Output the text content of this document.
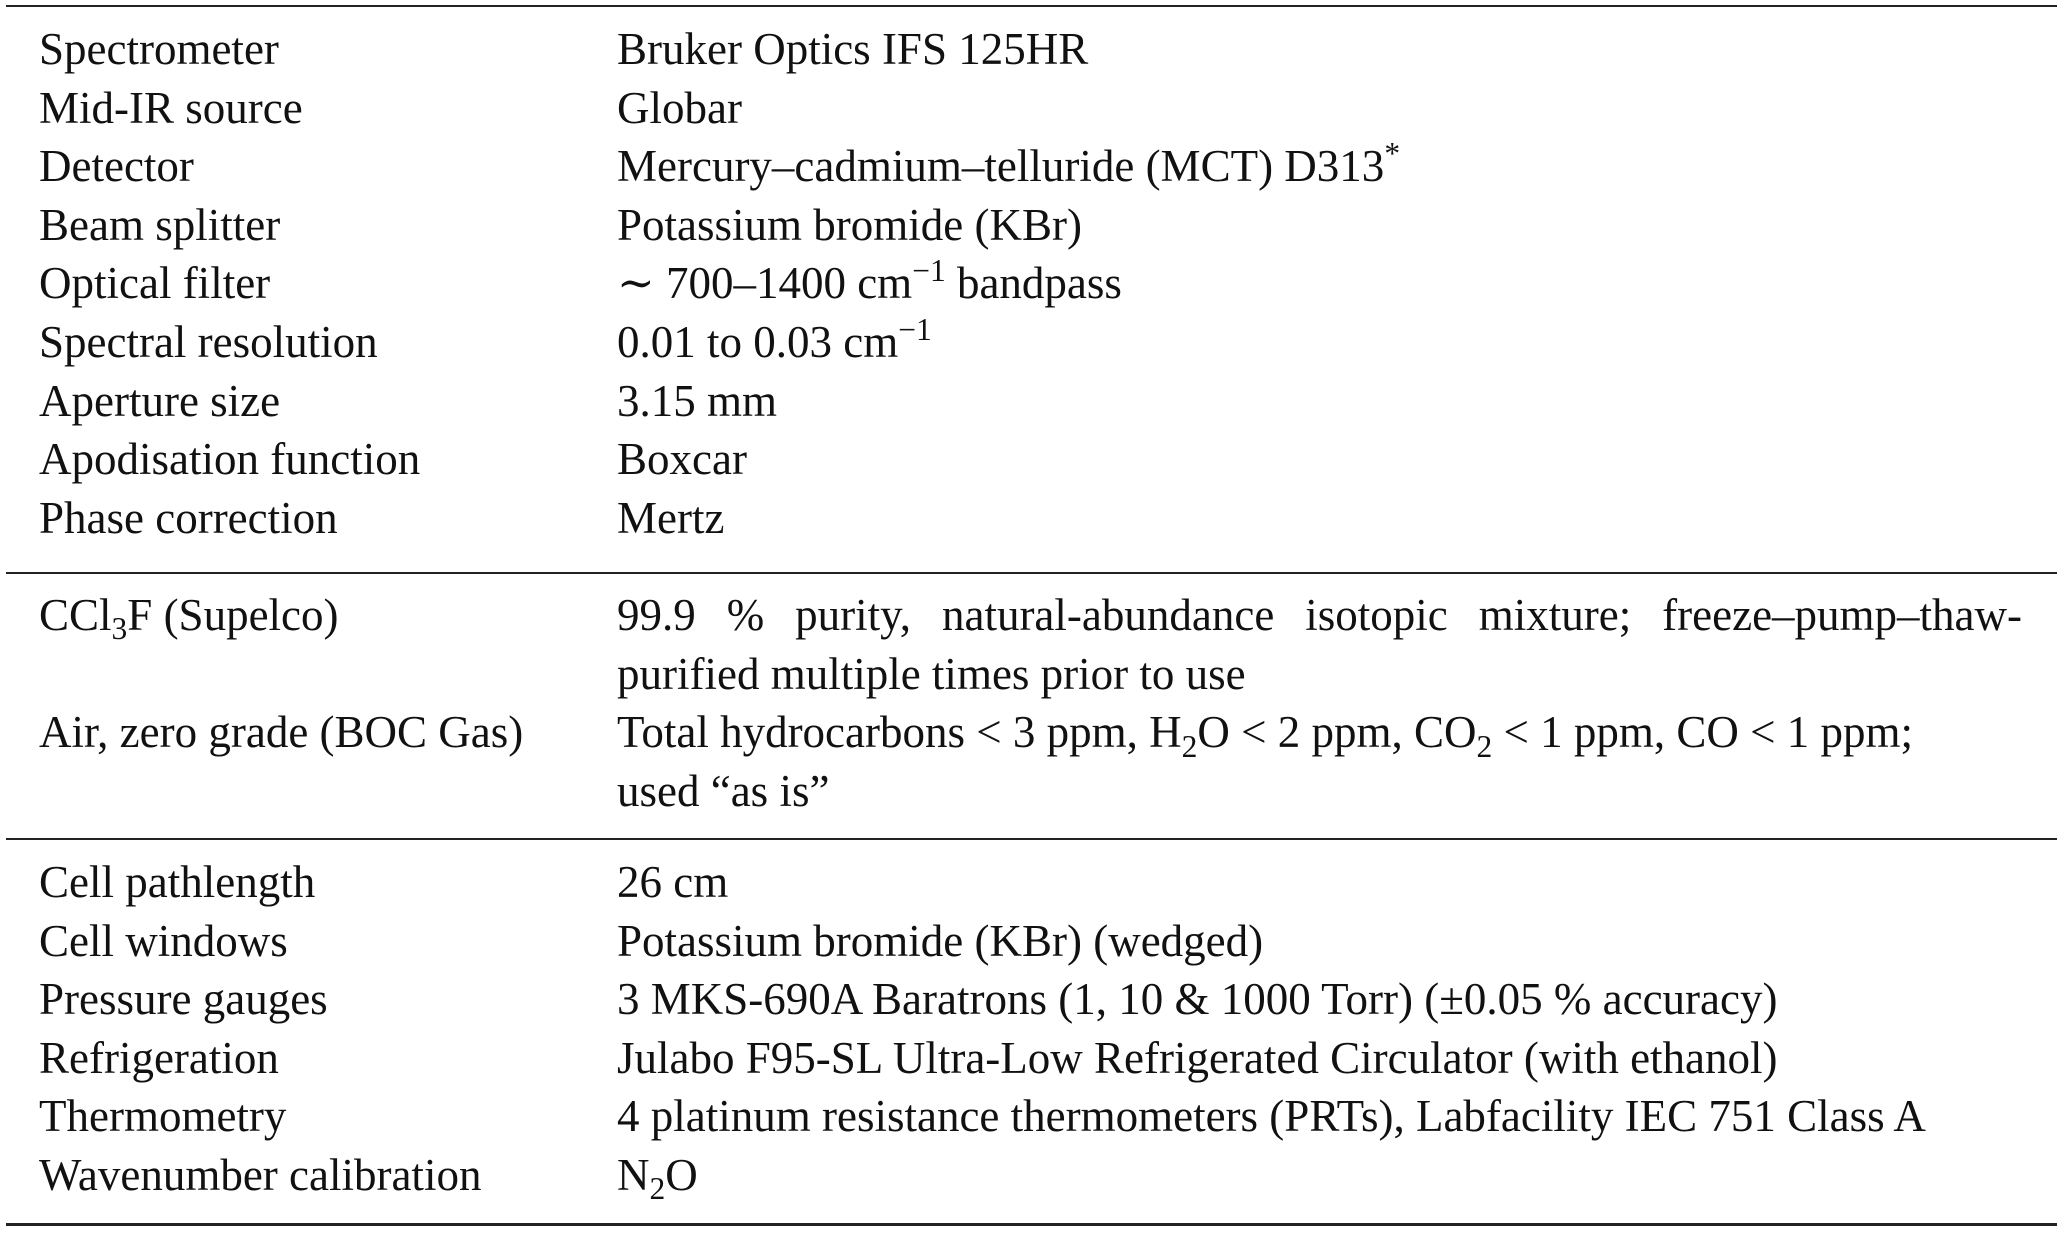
Spectrometer	Bruker Optics IFS 125HR
Mid-IR source	Globar
Detector	Mercury–cadmium–telluride (MCT) D313*
Beam splitter	Potassium bromide (KBr)
Optical filter	∼ 700–1400 $cm^{-1}$ bandpass
Spectral resolution	0.01 to 0.03 $cm^{-1}$
Aperture size	3.15 mm
Apodisation function	Boxcar
Phase correction	Mertz
CCl$_3$F (Supelco)	99.9 % purity, natural-abundance isotopic mixture; freeze–pump–thaw-
purified multiple times prior to use
Air, zero grade (BOC Gas)	Total hydrocarbons < 3 ppm, $H_2O < 2$ ppm, $CO_2 < 1$ ppm, CO < 1 ppm;
used “as is”
Cell pathlength	26 cm
Cell windows	Potassium bromide (KBr) (wedged)
Pressure gauges	3 MKS-690A Baratrons (1, 10 & 1000 Torr) (±0.05 % accuracy)
Refrigeration	Julabo F95-SL Ultra-Low Refrigerated Circulator (with ethanol)
Thermometry	4 platinum resistance thermometers (PRTs), Labfacility IEC 751 Class A
Wavenumber calibration	$N_2O$
